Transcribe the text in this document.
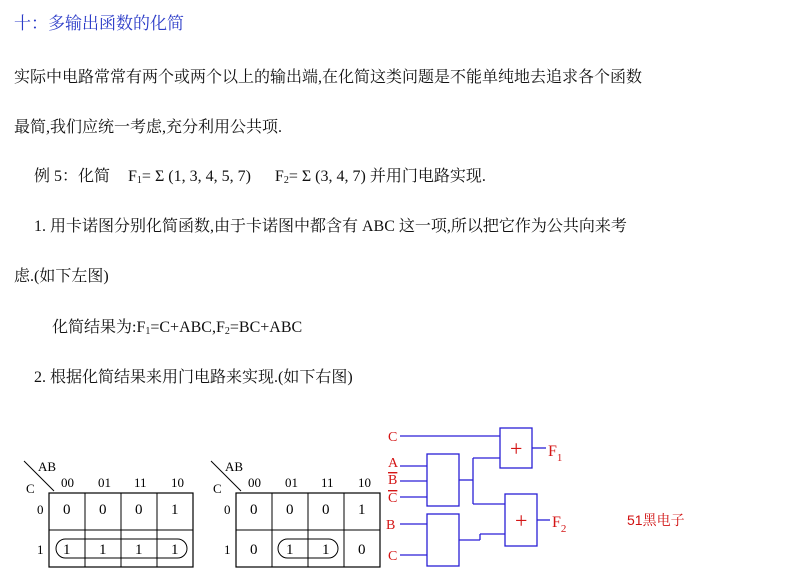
十：多输出函数的化简
实际中电路常常有两个或两个以上的输出端,在化简这类问题是不能单纯地去追求各个函数
最简,我们应统一考虑,充分利用公共项.
例 5：化简 $F_1= \Sigma$ (1, 3, 4, 5, 7) $F_2= \Sigma$ (3, 4, 7) 并用门电路实现.
1. 用卡诺图分别化简函数,由于卡诺图中都含有 ABC 这一项,所以把它作为公共向来考
虑.(如下左图)
化简结果为$:F_1=C+ABC,F_2=BC+ABC$
2. 根据化简结果来用门电路来实现.(如下右图)
AB
C 00 01 11 10
0
1
0 0 0 1
1 1 1 1
AB
C 00 01 11 10
0
1
0 0 0 1
0 1 1 0
+
+
C
A
B
C
B
C
$F_1$
$F_2$
51黑电子
